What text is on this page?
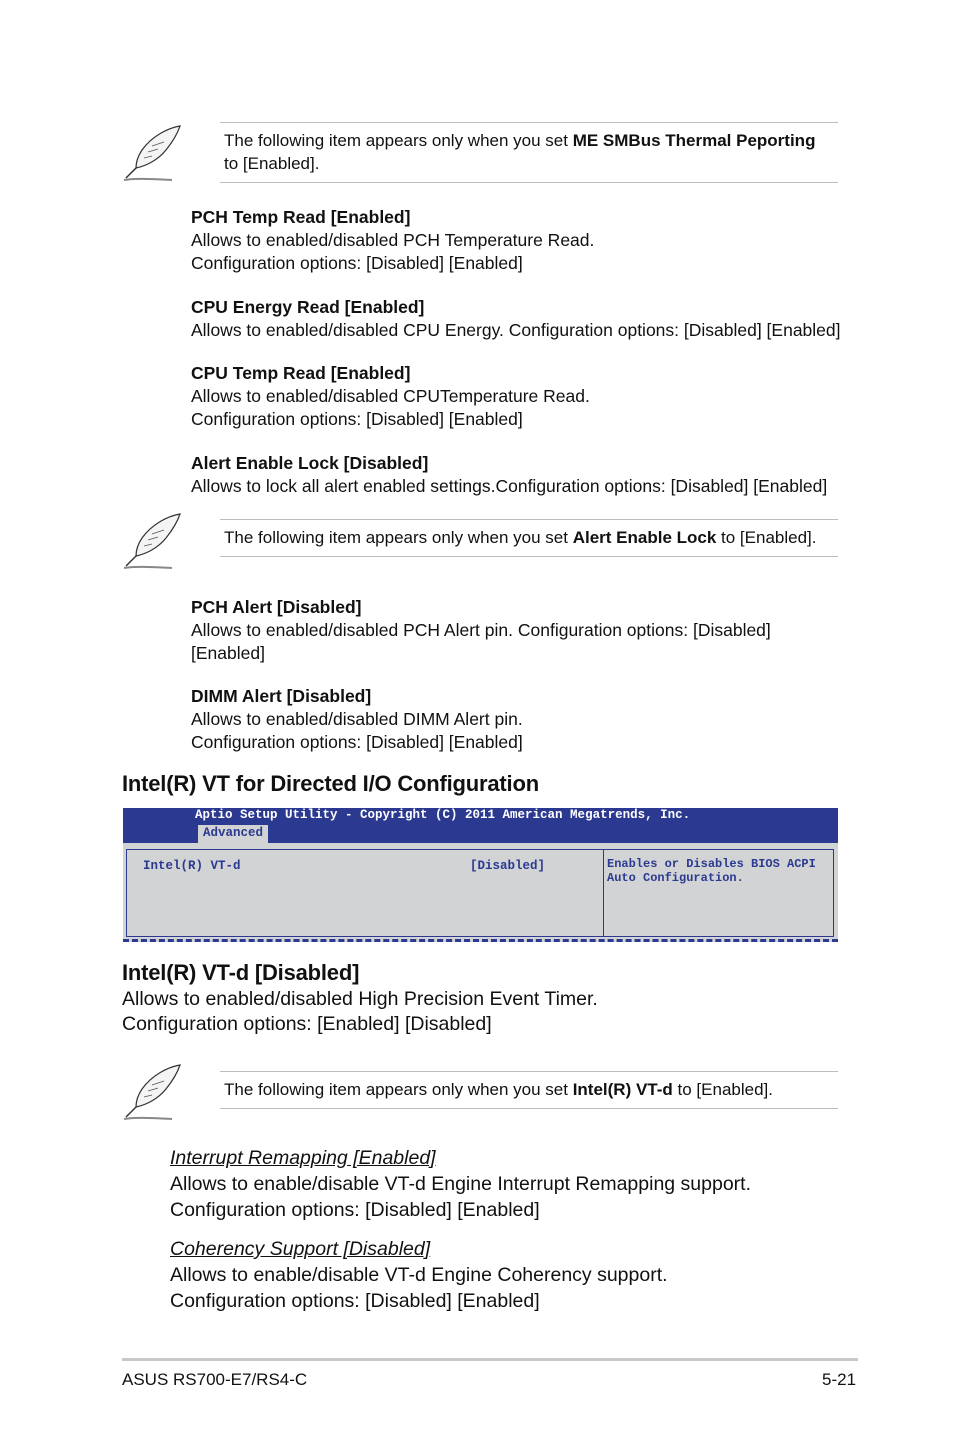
The following item appears only when you set ME SMBus Thermal Peporting
to [Enabled].
PCH Temp Read [Enabled]
Allows to enabled/disabled PCH Temperature Read.
Configuration options: [Disabled] [Enabled]
CPU Energy Read [Enabled]
Allows to enabled/disabled CPU Energy. Configuration options: [Disabled] [Enabled]
CPU Temp Read [Enabled]
Allows to enabled/disabled CPUTemperature Read.
Configuration options: [Disabled] [Enabled]
Alert Enable Lock [Disabled]
Allows to lock all alert enabled settings.Configuration options: [Disabled] [Enabled]
The following item appears only when you set Alert Enable Lock to [Enabled].
PCH Alert [Disabled]
Allows to enabled/disabled PCH Alert pin. Configuration options: [Disabled]
[Enabled]
DIMM Alert [Disabled]
Allows to enabled/disabled DIMM Alert pin.
Configuration options: [Disabled] [Enabled]
Intel(R) VT for Directed I/O Configuration
Aptio Setup Utility - Copyright (C) 2011 American Megatrends, Inc.
Advanced
Intel(R) VT-d	[Disabled]	Enables or Disables BIOS ACPI
Auto Configuration.
Intel(R) VT-d [Disabled]
Allows to enabled/disabled High Precision Event Timer.
Configuration options: [Enabled] [Disabled]
The following item appears only when you set Intel(R) VT-d to [Enabled].
Interrupt Remapping [Enabled]
Allows to enable/disable VT-d Engine Interrupt Remapping support.
Configuration options: [Disabled] [Enabled]
Coherency Support [Disabled]
Allows to enable/disable VT-d Engine Coherency support.
Configuration options: [Disabled] [Enabled]
ASUS RS700-E7/RS4-C	5-21
